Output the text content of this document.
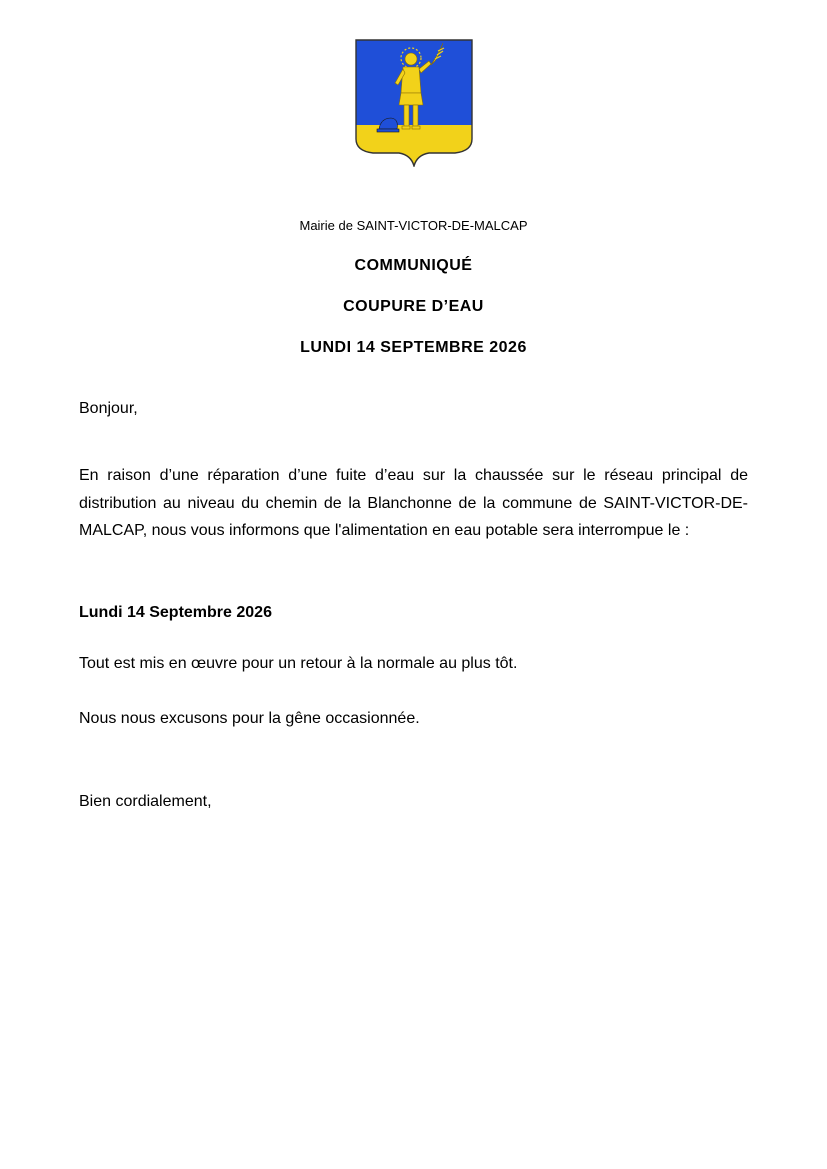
Mairie de SAINT-VICTOR-DE-MALCAP
COMMUNIQUÉ
COUPURE D’EAU
LUNDI 14 SEPTEMBRE 2026
Bonjour,
En raison d’une réparation d’une fuite d’eau sur la chaussée sur le réseau principal de distribution au niveau du chemin de la Blanchonne de la commune de SAINT-VICTOR-DE-MALCAP, nous vous informons que l'alimentation en eau potable sera interrompue le :
Lundi 14 Septembre 2026
Tout est mis en œuvre pour un retour à la normale au plus tôt.
Nous nous excusons pour la gêne occasionnée.
Bien cordialement,
